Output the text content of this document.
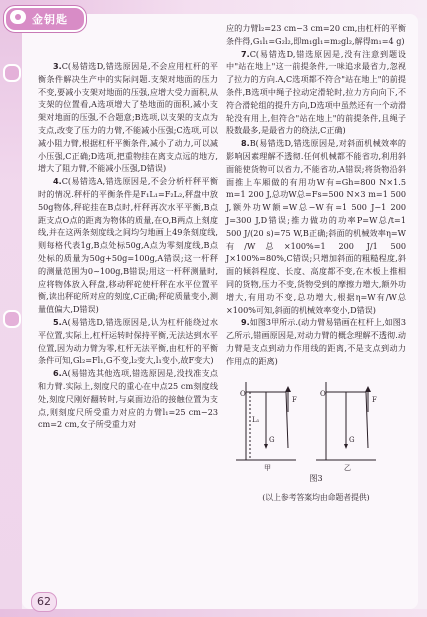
金钥匙

3.C(易错选D,错选原因是,不会应用杠杆的平衡条件解决生产中的实际问题.支架对地面的压力不变,要减小支架对地面的压强,应增大受力面积,从支架的位置看,A选项增大了垫地面的面积,减小支架对地面的压强,不合题意;B选项,以支架的支点为支点,改变了压力的力臂,不能减小压强;C选项,可以减小阻力臂,根据杠杆平衡条件,减小了动力,可以减小压强,C正确;D选项,把重物挂在离支点远的地方,增大了阻力臂,不能减小压强,D错误)

4.C(易错选A,错选原因是,不会分析杆秤平衡时的情况.秤杆的平衡条件是F₁L₁=F₂L₂,秤盘中放50g物体,秤砣挂在B点时,杆秤再次水平平衡,B点距支点O点的距离为物体的质量,在O,B两点上刻度线,并在这两条刻度线之间均匀地画上49条刻度线,则每格代表1g,B点处标50g,A点为零刻度线,B点处标的质量为50g+50g=100g,A错误;这一杆秤的测量范围为0~100g,B错误;用这一杆秤测量时,应将物体放入秤盘,移动秤砣使杆秤在水平位置平衡,读出秤砣所对应的刻度,C正确;秤砣质量变小,测量值偏大,D错误)

5.A(易错选D,错选原因是,认为杠杆能绕过水平位置,实际上,杠杆运转时保持平衡,无法达到水平位置,因为动力臂为零,杠杆无法平衡,由杠杆的平衡条件可知,Gl₂=Fl₁,G不变,l₂变大,l₁变小,故F变大)

6.A(易错选其他选项,错选原因是,没找准支点和力臂.实际上,刻度尺的重心在中点25 cm刻度线处,刻度尺刚好翻转时,与桌面边沿的接触位置为支点,则刻度尺所受重力对应的力臂l₁=25 cm−23 cm=2 cm,女子所受重力对

应的力臂l₂=23 cm−3 cm=20 cm,由杠杆的平衡条件得,G₁l₁=G₂l₂,即m₁gl₁=m₂gl₂,解得m₁=4 g)

7.C(易错选D,错选原因是,没有注意到题设中"站在地上"这一前提条件,一味追求最省力,忽视了拉力的方向.A,C选项都不符合"站在地上"的前提条件,B选项中绳子拉动定滑轮时,拉力方向向下,不符合滑轮组的提升方向,D选项中虽然还有一个动滑轮没有用上,但符合"站在地上"的前提条件,且绳子股数最多,是最省力的绕法,C正确)

8.B(易错选D,错选原因是,对斜面机械效率的影响因素理解不透彻.任何机械都不能省功,利用斜面能使货物可以省力,不能省功,A错误;将货物沿斜面推上车厢做的有用功W有=Gh=800 N×1.5 m=1 200 J,总功W总=Fs=500 N×3 m=1 500 J,额外功W额=W总−W有=1 500 J−1 200 J=300 J,D错误;推力做功的功率P=W总/t=1 500 J/(20 s)=75 W,B正确;斜面的机械效率η=W有/W总×100%=1 200 J/1 500 J×100%=80%,C错误;只增加斜面的粗糙程度,斜面的倾斜程度、长度、高度都不变,在木板上推相同的货物,压力不变,货物受到的摩擦力增大,额外功增大,有用功不变,总功增大,根据η=W有/W总×100%可知,斜面的机械效率变小,D错误)

9.如图3甲所示.(动力臂易错画在杠杆上,如图3乙所示,错画原因是,对动力臂的概念理解不透彻.动力臂是支点到动力作用线的距离,不是支点到动力作用点的距离)

O
F
G
O
F
G
L₁
甲	乙
图3
(以上参考答案均由命题者提供)
62
